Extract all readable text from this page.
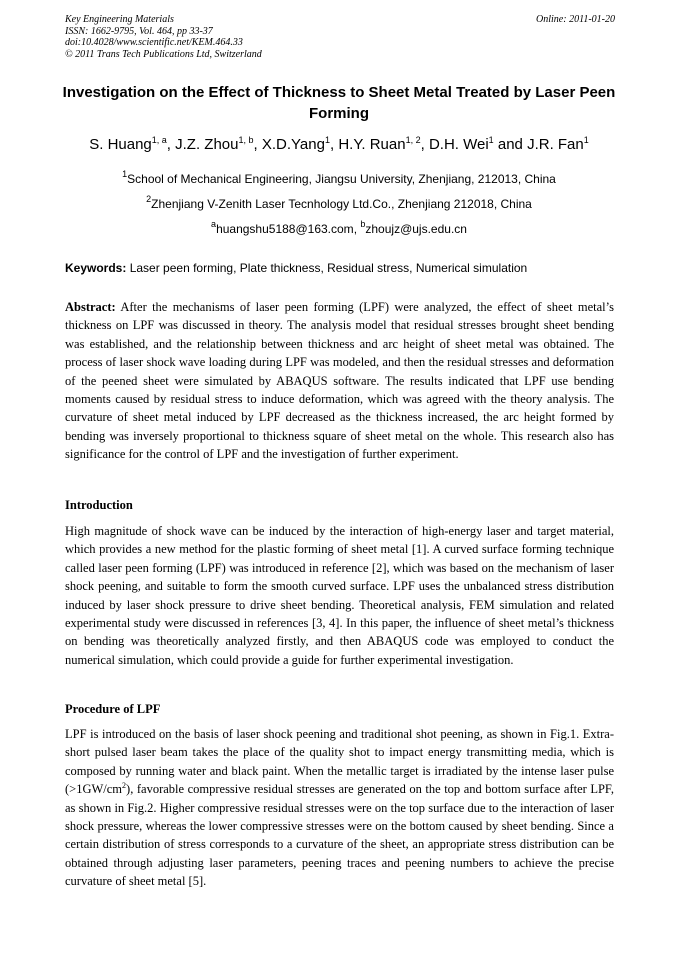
Key Engineering Materials
ISSN: 1662-9795, Vol. 464, pp 33-37
doi:10.4028/www.scientific.net/KEM.464.33
© 2011 Trans Tech Publications Ltd, Switzerland
Online: 2011-01-20
Investigation on the Effect of Thickness to Sheet Metal Treated by Laser Peen Forming
S. Huang$^{1, a}$, J.Z. Zhou$^{1, b}$, X.D.Yang$^1$, H.Y. Ruan$^{1, 2}$, D.H. Wei$^1$ and J.R. Fan$^1$
$^1$School of Mechanical Engineering, Jiangsu University, Zhenjiang, 212013, China
$^2$Zhenjiang V-Zenith Laser Tecnhology Ltd.Co., Zhenjiang 212018, China
$^a$huangshu5188@163.com, $^b$zhoujz@ujs.edu.cn
Keywords: Laser peen forming, Plate thickness, Residual stress, Numerical simulation
Abstract: After the mechanisms of laser peen forming (LPF) were analyzed, the effect of sheet metal’s thickness on LPF was discussed in theory. The analysis model that residual stresses brought sheet bending was established, and the relationship between thickness and arc height of sheet metal was obtained. The process of laser shock wave loading during LPF was modeled, and then the residual stresses and deformation of the peened sheet were simulated by ABAQUS software. The results indicated that LPF use bending moments caused by residual stress to induce deformation, which was agreed with the theory analysis. The curvature of sheet metal induced by LPF decreased as the thickness increased, the arc height formed by bending was inversely proportional to thickness square of sheet metal on the whole. This research also has significance for the control of LPF and the investigation of further experiment.
Introduction
High magnitude of shock wave can be induced by the interaction of high-energy laser and target material, which provides a new method for the plastic forming of sheet metal [1]. A curved surface forming technique called laser peen forming (LPF) was introduced in reference [2], which was based on the mechanism of laser shock peening, and suitable to form the smooth curved surface. LPF uses the unbalanced stress distribution induced by laser shock pressure to drive sheet bending. Theoretical analysis, FEM simulation and related experimental study were discussed in references [3, 4]. In this paper, the influence of sheet metal’s thickness on bending was theoretically analyzed firstly, and then ABAQUS code was employed to conduct the numerical simulation, which could provide a guide for further experimental investigation.
Procedure of LPF
LPF is introduced on the basis of laser shock peening and traditional shot peening, as shown in Fig.1. Extra-short pulsed laser beam takes the place of the quality shot to impact energy transmitting media, which is composed by running water and black paint. When the metallic target is irradiated by the intense laser pulse $(>1GW/cm^2)$, favorable compressive residual stresses are generated on the top and bottom surface after LPF, as shown in Fig.2. Higher compressive residual stresses were on the top surface due to the interaction of laser shock pressure, whereas the lower compressive stresses were on the bottom caused by sheet bending. Since a certain distribution of stress corresponds to a curvature of the sheet, an appropriate stress distribution can be obtained through adjusting laser parameters, peening traces and peening numbers to achieve the precise curvature of sheet metal [5].
